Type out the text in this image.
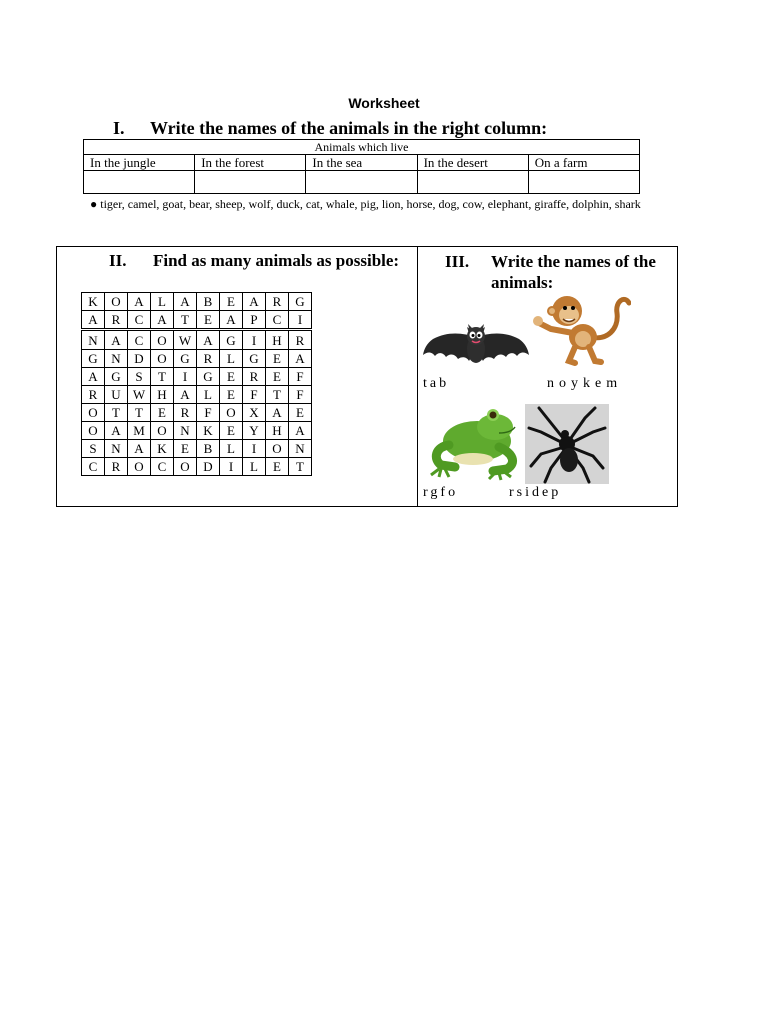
Worksheet
I. Write the names of the animals in the right column:
Animals which live				
In the jungle	In the forest	In the sea	In the desert	On a farm

● tiger, camel, goat, bear, sheep, wolf, duck, cat, whale, pig, lion, horse, dog, cow, elephant, giraffe, dolphin, shark
II. Find as many animals as possible:
K	O	A	L	A	B	E	A	R	G
A	R	C	A	T	E	A	P	C	I
N	A	C	O	W	A	G	I	H	R
G	N	D	O	G	R	L	G	E	A
A	G	S	T	I	G	E	R	E	F
R	U	W	H	A	L	E	F	T	F
O	T	T	E	R	F	O	X	A	E
O	A	M	O	N	K	E	Y	H	A
S	N	A	K	E	B	L	I	O	N
C	R	O	C	O	D	I	L	E	T
III. Write the names of the animals:
tab	noykem
rgfo	rsidep
